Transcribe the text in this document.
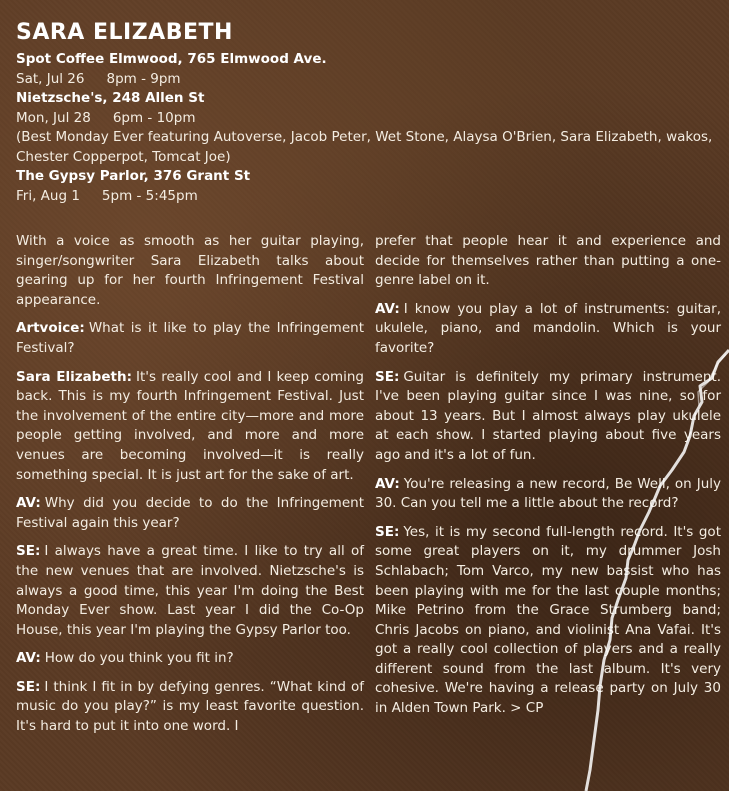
SARA ELIZABETH
Spot Coffee Elmwood, 765 Elmwood Ave.
Sat, Jul 26 8pm - 9pm
Nietzsche's, 248 Allen St
Mon, Jul 28 6pm - 10pm
(Best Monday Ever featuring Autoverse, Jacob Peter, Wet Stone, Alaysa O'Brien, Sara Elizabeth, wakos, Chester Copperpot, Tomcat Joe)
The Gypsy Parlor, 376 Grant St
Fri, Aug 1 5pm - 5:45pm

With a voice as smooth as her guitar playing, singer/songwriter Sara Elizabeth talks about gearing up for her fourth Infringement Festival appearance.

Artvoice: What is it like to play the Infringement Festival?

Sara Elizabeth: It's really cool and I keep coming back. This is my fourth Infringement Festival. Just the involvement of the entire city—more and more people getting involved, and more and more venues are becoming involved—it is really something special. It is just art for the sake of art.

AV: Why did you decide to do the Infringement Festival again this year?

SE: I always have a great time. I like to try all of the new venues that are involved. Nietzsche's is always a good time, this year I'm doing the Best Monday Ever show. Last year I did the Co-Op House, this year I'm playing the Gypsy Parlor too.

AV: How do you think you fit in?

SE: I think I fit in by defying genres. “What kind of music do you play?” is my least favorite question. It's hard to put it into one word. I

prefer that people hear it and experience and decide for themselves rather than putting a one-genre label on it.

AV: I know you play a lot of instruments: guitar, ukulele, piano, and mandolin. Which is your favorite?

SE: Guitar is definitely my primary instrument. I've been playing guitar since I was nine, so for about 13 years. But I almost always play ukulele at each show. I started playing about five years ago and it's a lot of fun.

AV: You're releasing a new record, Be Well, on July 30. Can you tell me a little about the record?

SE: Yes, it is my second full-length record. It's got some great players on it, my drummer Josh Schlabach; Tom Varco, my new bassist who has been playing with me for the last couple months; Mike Petrino from the Grace Strumberg band; Chris Jacobs on piano, and violinist Ana Vafai. It's got a really cool collection of players and a really different sound from the last album. It's very cohesive. We're having a release party on July 30 in Alden Town Park. > CP
